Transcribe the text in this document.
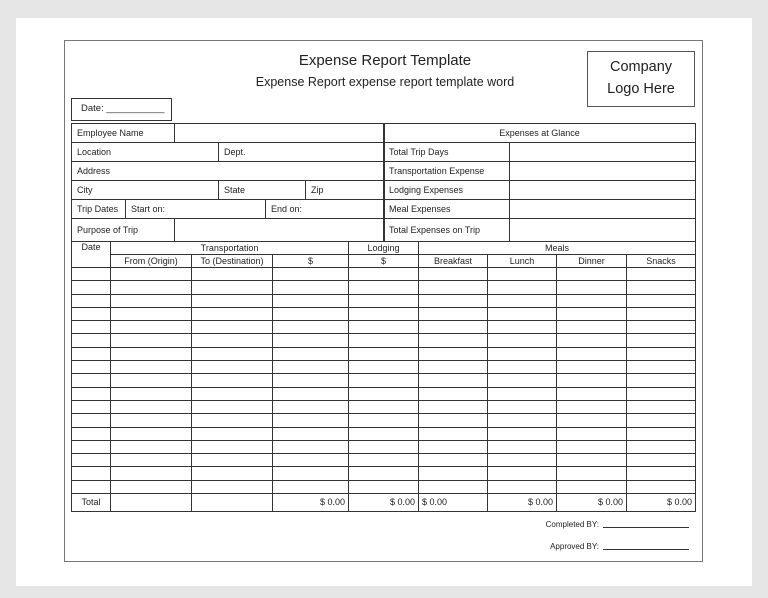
Expense Report Template
Expense Report expense report template word
Company
Logo Here
Date: ___________
Employee Name					
Location			Dept.		
Address					
City			State		Zip
Trip Dates	Start on:			End on:	
Purpose of Trip					
Expenses at Glance	
Total Trip Days	
Transportation Expense	
Lodging Expenses	
Meal Expenses	
Total Expenses on Trip	
Date	Transportation			Lodging	Meals			
	From (Origin)	To (Destination)	$	$	Breakfast	Lunch	Dinner	Snacks

Total			$ 0.00	$ 0.00	$ 0.00	$ 0.00	$ 0.00	$ 0.00
Completed BY:
Approved BY:
